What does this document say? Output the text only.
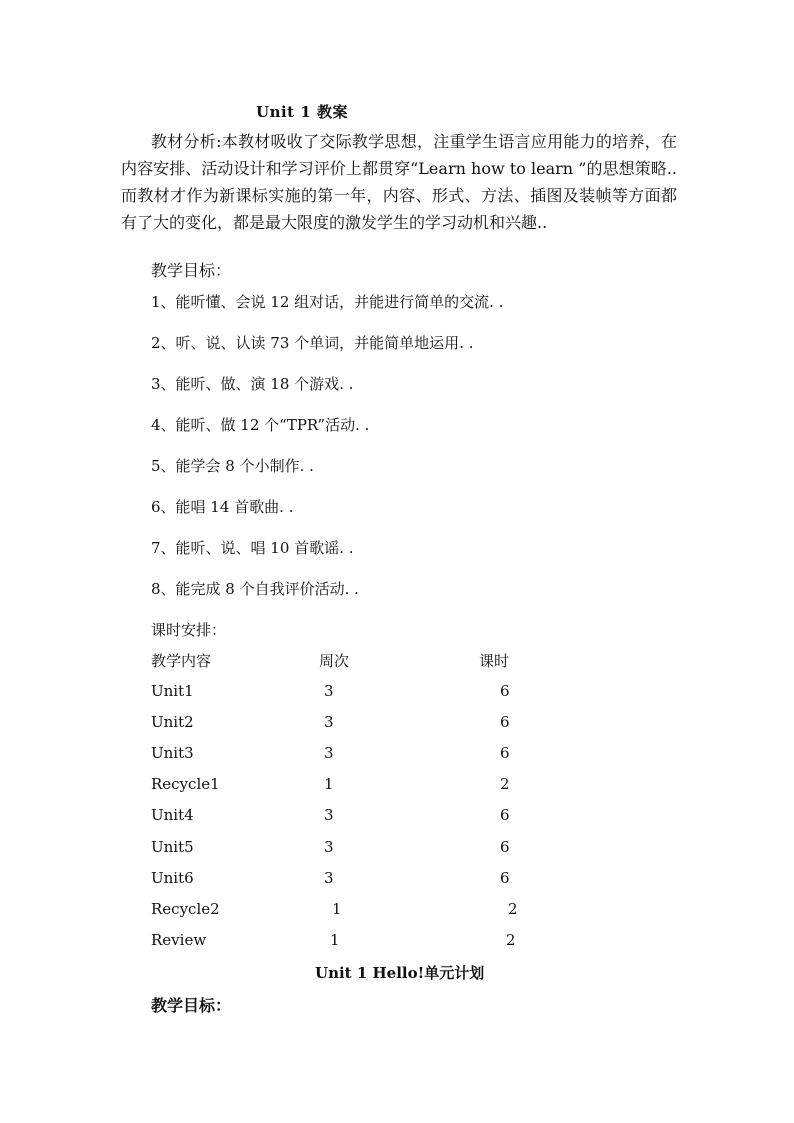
Unit 1 教案

教材分析:本教材吸收了交际教学思想，注重学生语言应用能力的培养，在内容安排、活动设计和学习评价上都贯穿“Learn how to learn ”的思想策略..而教材才作为新课标实施的第一年，内容、形式、方法、插图及装帧等方面都有了大的变化，都是最大限度的激发学生的学习动机和兴趣..

教学目标：
1、能听懂、会说 12 组对话，并能进行简单的交流. .
2、听、说、认读 73 个单词，并能简单地运用. .
3、能听、做、演 18 个游戏. .
4、能听、做 12 个“TPR”活动. .
5、能学会 8 个小制作. .
6、能唱 14 首歌曲. .
7、能听、说、唱 10 首歌谣. .
8、能完成 8 个自我评价活动. .
课时安排：
教学内容	周次	课时
Unit1	3	6
Unit2	3	6
Unit3	3	6
Recycle1	1	2
Unit4	3	6
Unit5	3	6
Unit6	3	6
Recycle2	1	2
Review	1	2
Unit 1 Hello!单元计划
教学目标：
